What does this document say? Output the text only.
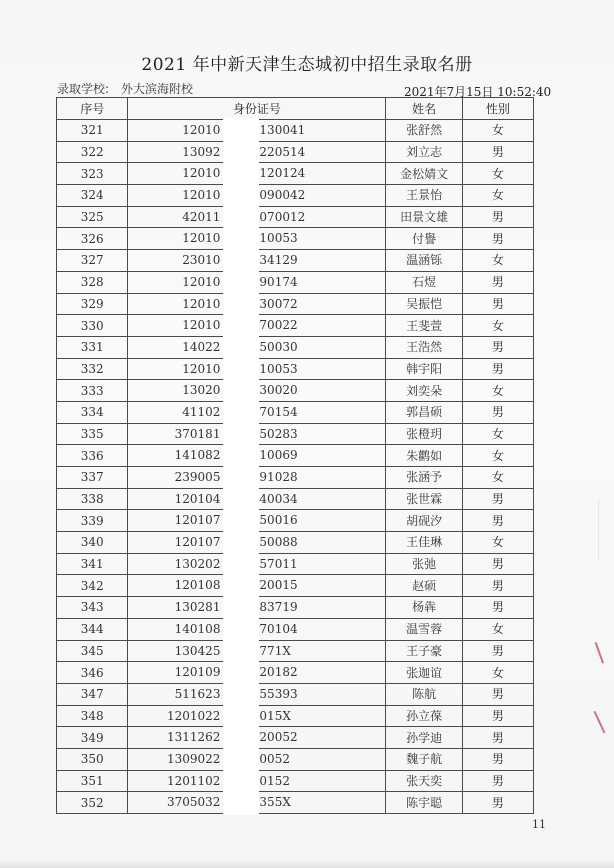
2021 年中新天津生态城初中招生录取名册
录取学校: 外大滨海附校	2021年7月15日 10:52:40
序号	身份证号	姓名	性别
321	12010 130041	张舒然	女
322	13092 220514	刘立志	男
323	12010 120124	金松婧文	女
324	12010 090042	王景怡	女
325	42011 070012	田景文雄	男
326	12010 10053	付譽	男
327	23010 34129	温涵铄	女
328	12010 90174	石煜	男
329	12010 30072	吴振恺	男
330	12010 70022	王斐萱	女
331	14022 50030	王浩然	男
332	12010 10053	韩宇阳	男
333	13020 30020	刘奕朵	女
334	41102 70154	郭昌硕	男
335	370181 50283	张橙玥	女
336	141082 10069	朱鹳如	女
337	239005 91028	张涵予	女
338	120104 40034	张世霖	男
339	120107 50016	胡砚汐	男
340	120107 50088	王佳琳	女
341	130202 57011	张弛	男
342	120108 20015	赵硕	男
343	130281 83719	杨犇	男
344	140108 70104	温雪蓉	女
345	130425 771X	王子豪	男
346	120109 20182	张迦谊	女
347	511623 55393	陈航	男
348	1201022 015X	孙立葆	男
349	1311262 20052	孙学迪	男
350	1309022 0052	魏子航	男
351	1201102 0152	张天奕	男
352	3705032 355X	陈宇聪	男
11
